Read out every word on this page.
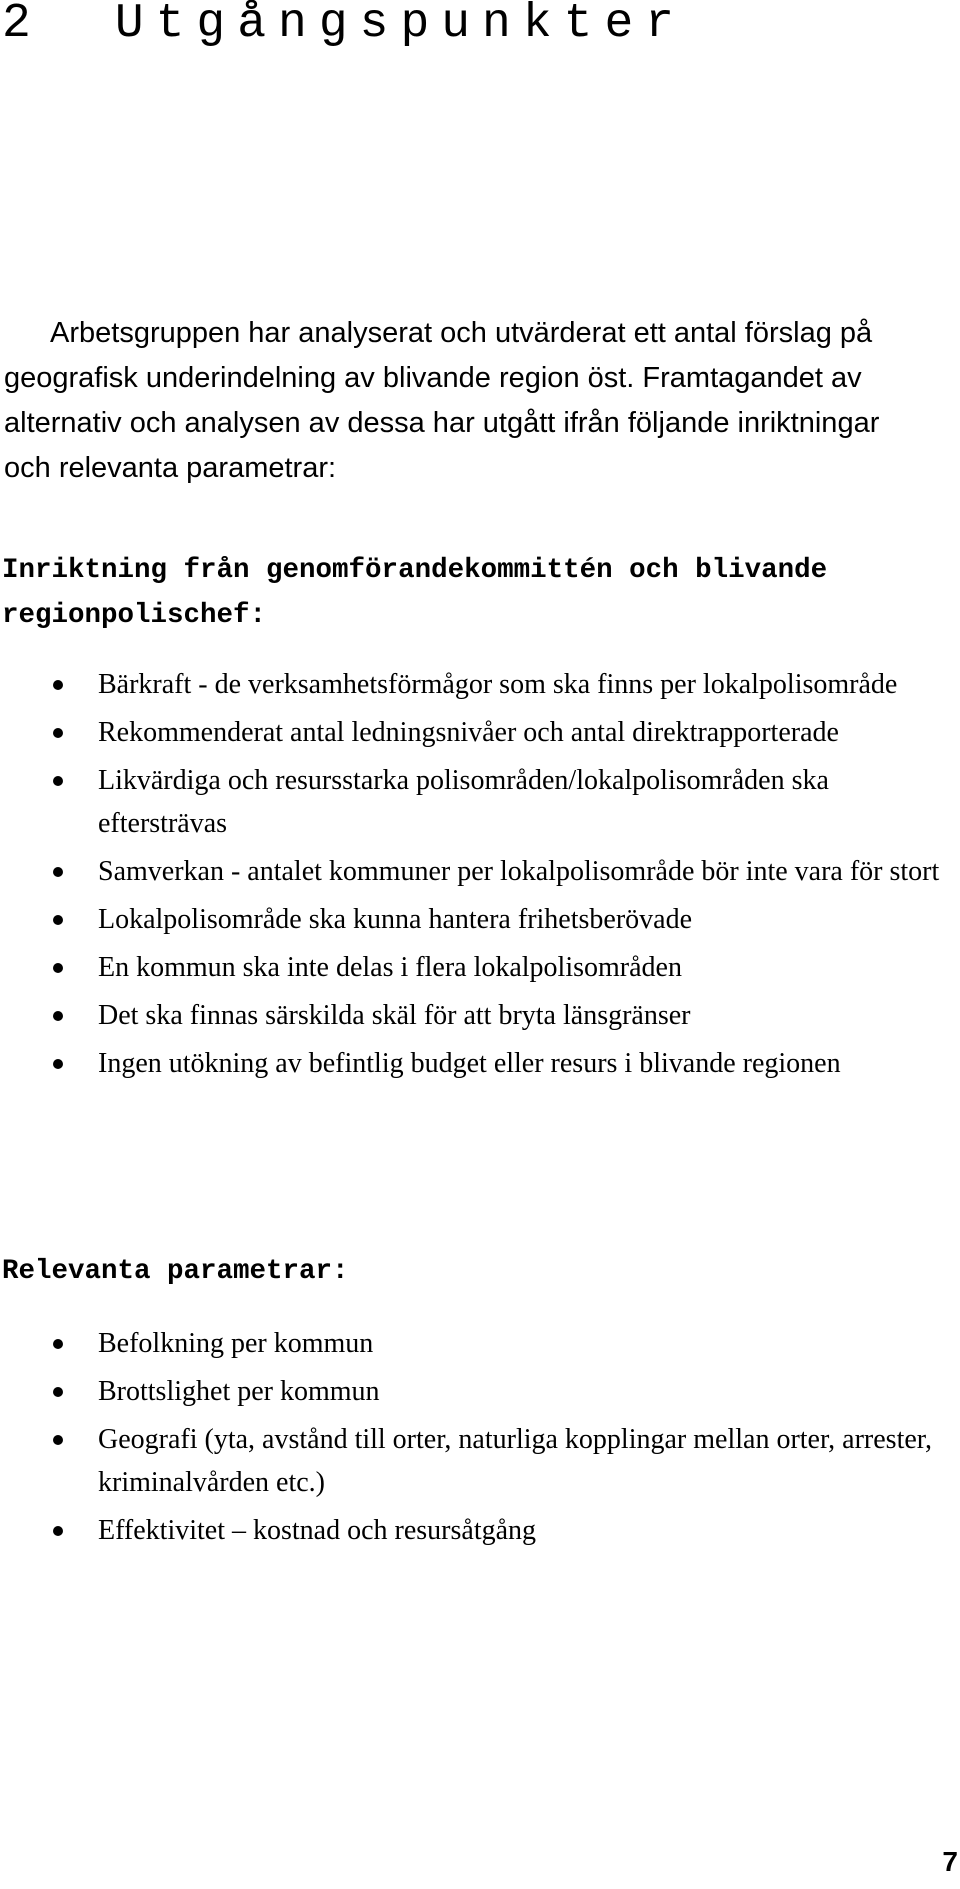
2 Utgångspunkter

Arbetsgruppen har analyserat och utvärderat ett antal förslag på geografisk underindelning av blivande region öst. Framtagandet av alternativ och analysen av dessa har utgått ifrån följande inriktningar och relevanta parametrar:

Inriktning från genomförandekommittén och blivande regionpolischef:
Bärkraft - de verksamhetsförmågor som ska finns per lokalpolisområde
Rekommenderat antal ledningsnivåer och antal direktrapporterade
Likvärdiga och resursstarka polisområden/lokalpolisområden ska eftersträvas
Samverkan - antalet kommuner per lokalpolisområde bör inte vara för stort
Lokalpolisområde ska kunna hantera frihetsberövade
En kommun ska inte delas i flera lokalpolisområden
Det ska finnas särskilda skäl för att bryta länsgränser
Ingen utökning av befintlig budget eller resurs i blivande regionen
Relevanta parametrar:
Befolkning per kommun
Brottslighet per kommun
Geografi (yta, avstånd till orter, naturliga kopplingar mellan orter, arrester, kriminalvården etc.)
Effektivitet – kostnad och resursåtgång
7
